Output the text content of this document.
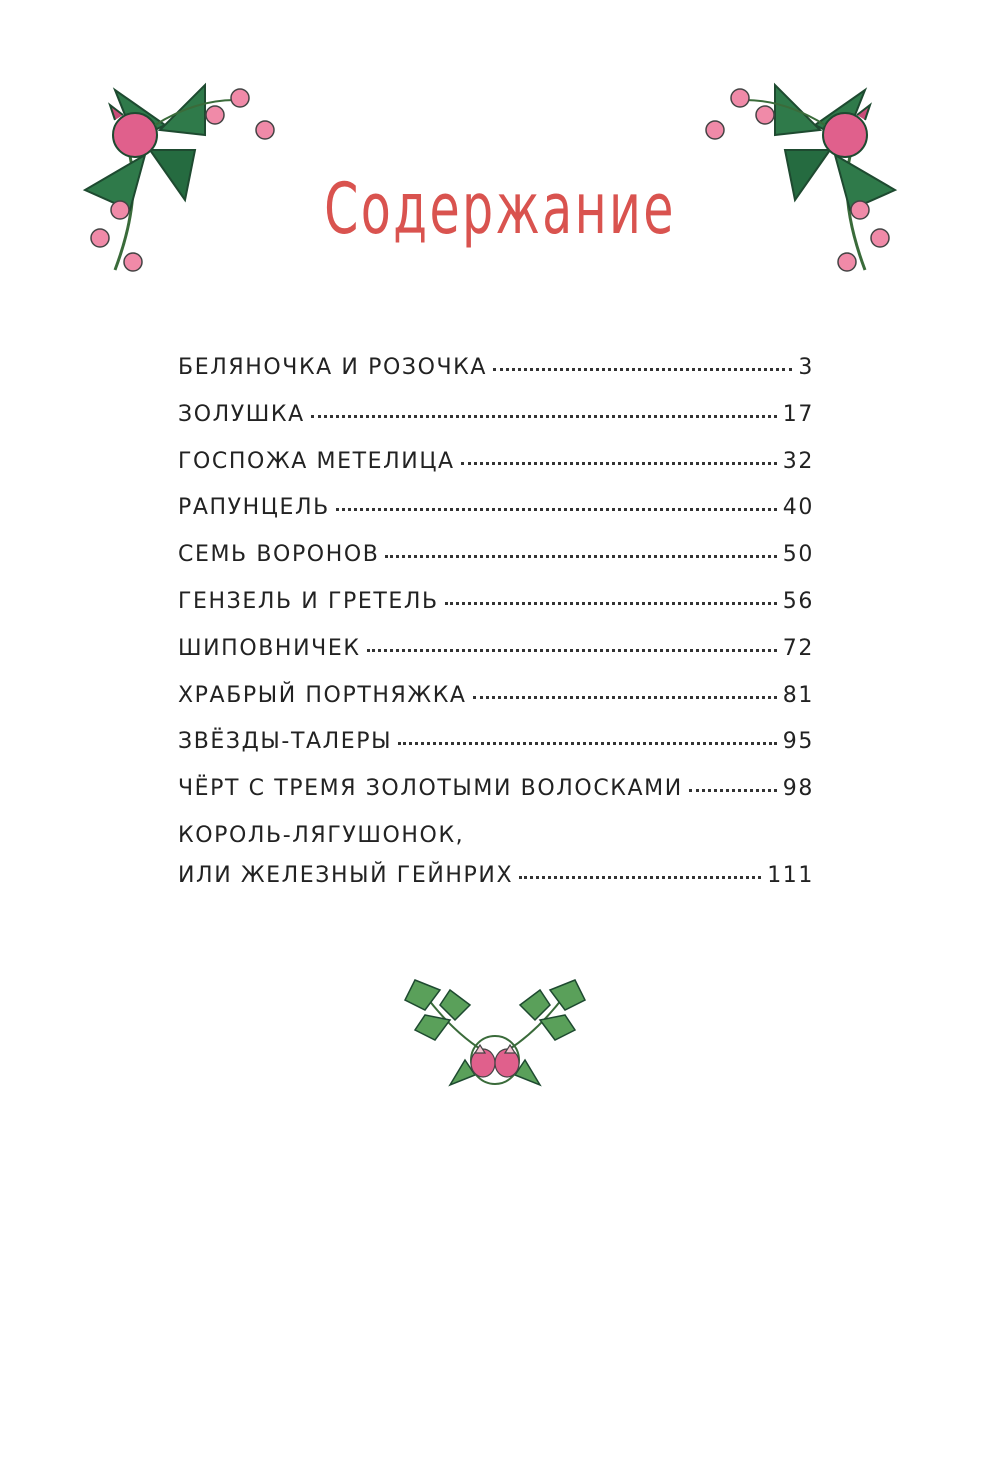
Содержание
БЕЛЯНОЧКА И РОЗОЧКА	3
ЗОЛУШКА	17
ГОСПОЖА МЕТЕЛИЦА	32
РАПУНЦЕЛЬ	40
СЕМЬ ВОРОНОВ	50
ГЕНЗЕЛЬ И ГРЕТЕЛЬ	56
ШИПОВНИЧЕК	72
ХРАБРЫЙ ПОРТНЯЖКА	81
ЗВЁЗДЫ-ТАЛЕРЫ	95
ЧЁРТ С ТРЕМЯ ЗОЛОТЫМИ ВОЛОСКАМИ	98
КОРОЛЬ-ЛЯГУШОНОК,
ИЛИ ЖЕЛЕЗНЫЙ ГЕЙНРИХ	111
